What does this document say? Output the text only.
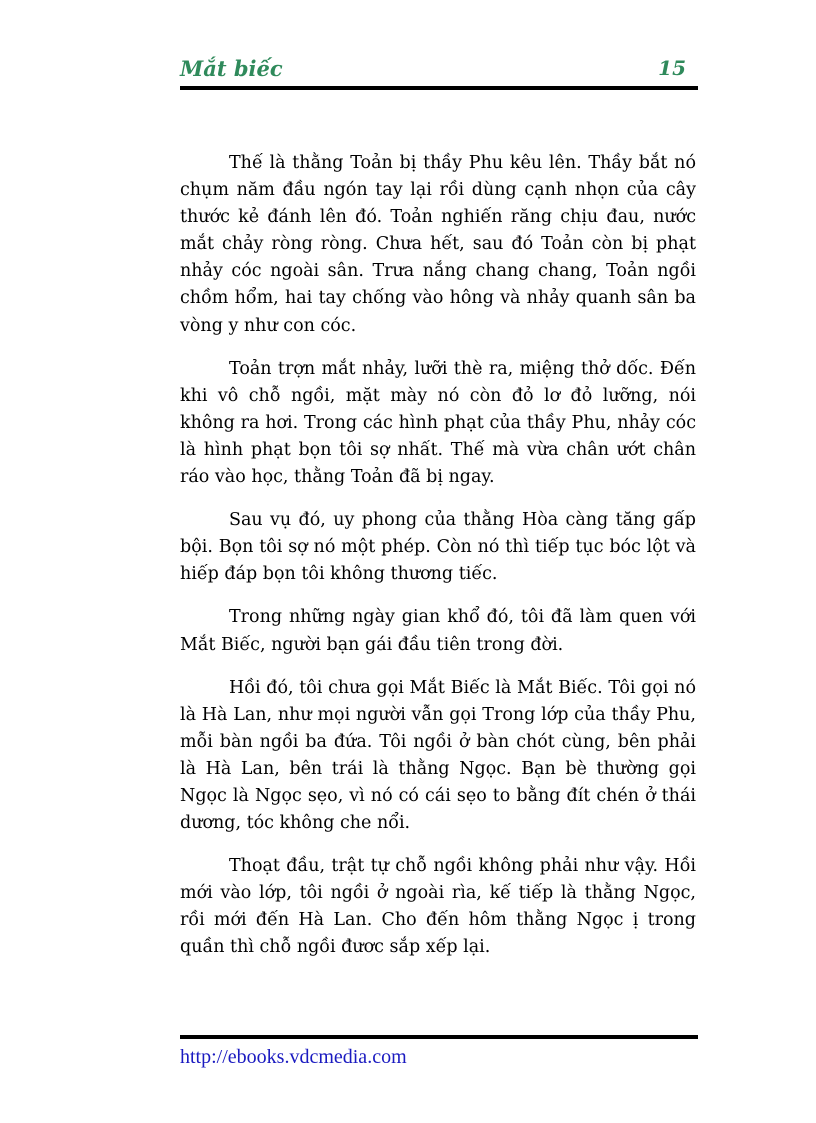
Mắt biếc	15

Thế là thằng Toản bị thầy Phu kêu lên. Thầy bắt nó chụm năm đầu ngón tay lại rồi dùng cạnh nhọn của cây thước kẻ đánh lên đó. Toản nghiến răng chịu đau, nước mắt chảy ròng ròng. Chưa hết, sau đó Toản còn bị phạt nhảy cóc ngoài sân. Trưa nắng chang chang, Toản ngồi chồm hổm, hai tay chống vào hông và nhảy quanh sân ba vòng y như con cóc.

Toản trợn mắt nhảy, lưỡi thè ra, miệng thở dốc. Đến khi vô chỗ ngồi, mặt mày nó còn đỏ lơ đỏ lưỡng, nói không ra hơi. Trong các hình phạt của thầy Phu, nhảy cóc là hình phạt bọn tôi sợ nhất. Thế mà vừa chân ướt chân ráo vào học, thằng Toản đã bị ngay.

Sau vụ đó, uy phong của thằng Hòa càng tăng gấp bội. Bọn tôi sợ nó một phép. Còn nó thì tiếp tục bóc lột và hiếp đáp bọn tôi không thương tiếc.

Trong những ngày gian khổ đó, tôi đã làm quen với Mắt Biếc, người bạn gái đầu tiên trong đời.

Hồi đó, tôi chưa gọi Mắt Biếc là Mắt Biếc. Tôi gọi nó là Hà Lan, như mọi người vẫn gọi Trong lớp của thầy Phu, mỗi bàn ngồi ba đứa. Tôi ngồi ở bàn chót cùng, bên phải là Hà Lan, bên trái là thằng Ngọc. Bạn bè thường gọi Ngọc là Ngọc sẹo, vì nó có cái sẹo to bằng đít chén ở thái dương, tóc không che nổi.

Thoạt đầu, trật tự chỗ ngồi không phải như vậy. Hồi mới vào lớp, tôi ngồi ở ngoài rìa, kế tiếp là thằng Ngọc, rồi mới đến Hà Lan. Cho đến hôm thằng Ngọc ị trong quần thì chỗ ngồi đươc sắp xếp lại.

http://ebooks.vdcmedia.com
